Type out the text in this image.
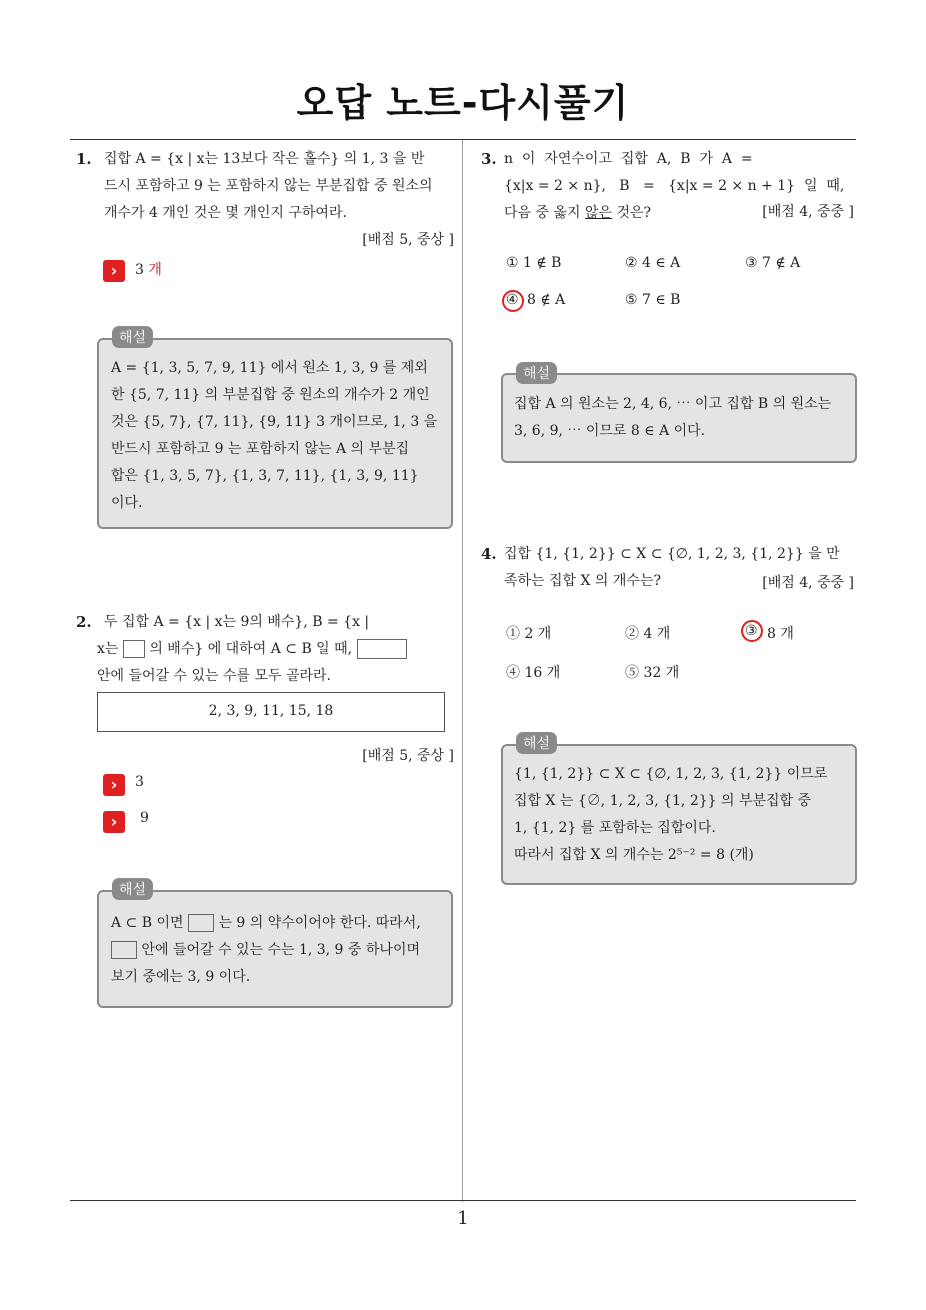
오답 노트-다시풀기
1. 집합 A = {x | x는 13보다 작은 홀수} 의 1, 3 을 반
드시 포함하고 9 는 포함하지 않는 부분집합 중 원소의
개수가 4 개인 것은 몇 개인지 구하여라.
[배점 5, 중상 ]
›	3 개
해설
A = {1, 3, 5, 7, 9, 11} 에서 원소 1, 3, 9 를 제외
한 {5, 7, 11} 의 부분집합 중 원소의 개수가 2 개인
것은 {5, 7}, {7, 11}, {9, 11} 3 개이므로, 1, 3 을
반드시 포함하고 9 는 포함하지 않는 A 의 부분집
합은 {1, 3, 5, 7}, {1, 3, 7, 11}, {1, 3, 9, 11}
이다.
2. 두 집합 A = {x | x는 9의 배수}, B = {x |
x는 의 배수} 에 대하여 A ⊂ B 일 때,
안에 들어갈 수 있는 수를 모두 골라라.
2, 3, 9, 11, 15, 18
[배점 5, 중상 ]
›	3
›	9
해설
A ⊂ B 이면 는 9 의 약수이어야 한다. 따라서,
안에 들어갈 수 있는 수는 1, 3, 9 중 하나이며
보기 중에는 3, 9 이다.
3. n  이  자연수이고  집합  A,  B  가  A  =
{x|x = 2 × n},   B   =   {x|x = 2 × n + 1}  일  때,
다음 중 옳지 않은 것은?	[배점 4, 중중 ]
① 1 ∉ B	② 4 ∈ A	③ 7 ∉ A
④ 8 ∉ A	⑤ 7 ∈ B
해설
집합 A 의 원소는 2, 4, 6, ⋯ 이고 집합 B 의 원소는
3, 6, 9, ⋯ 이므로 8 ∈ A 이다.
4. 집합 {1, {1, 2}} ⊂ X ⊂ {∅, 1, 2, 3, {1, 2}} 을 만
족하는 집합 X 의 개수는?	[배점 4, 중중 ]
① 2 개	② 4 개	③ 8 개
④ 16 개	⑤ 32 개
해설
{1, {1, 2}} ⊂ X ⊂ {∅, 1, 2, 3, {1, 2}} 이므로
집합 X 는 {∅, 1, 2, 3, {1, 2}} 의 부분집합 중
1, {1, 2} 를 포함하는 집합이다.
따라서 집합 X 의 개수는 2⁵⁻² = 8 (개)
1
